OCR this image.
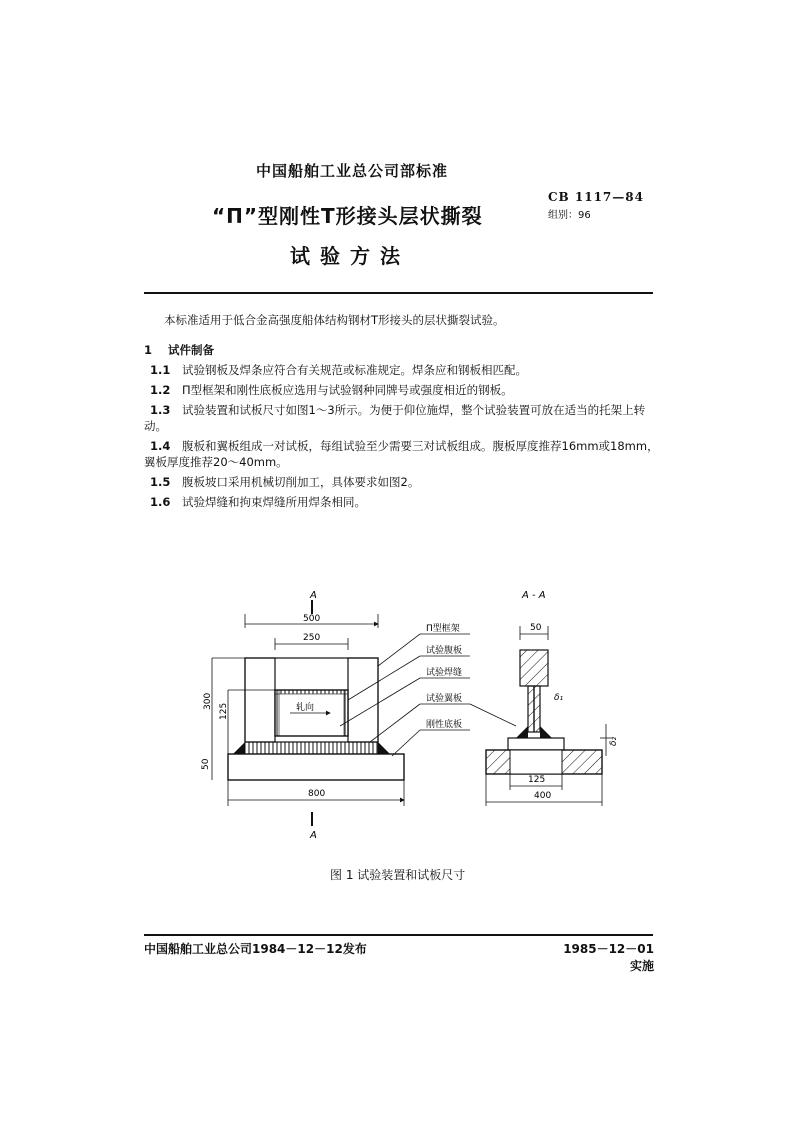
中国船舶工业总公司部标准
“Π”型刚性T形接头层状撕裂
试验方法
CB 1117—84
组别：96
本标准适用于低合金高强度船体结构钢材T形接头的层状撕裂试验。
1 试件制备
1.1 试验钢板及焊条应符合有关规范或标准规定。焊条应和钢板相匹配。
1.2 Π型框架和刚性底板应选用与试验钢种同牌号或强度相近的钢板。
1.3 试验装置和试板尺寸如图1～3所示。为便于仰位施焊，整个试验装置可放在适当的托架上转
动。
1.4 腹板和翼板组成一对试板，每组试验至少需要三对试板组成。腹板厚度推荐16mm或18mm，
翼板厚度推荐20～40mm。
1.5 腹板坡口采用机械切削加工，具体要求如图2。
1.6 试验焊缝和拘束焊缝所用焊条相同。
A
500
250
轧向
300
125
50
800
A
Π型框架
试验腹板
试验焊缝
试验翼板
刚性底板
A - A
50
δ₁
δ₂
125
400
图 1 试验装置和试板尺寸
中国船舶工业总公司1984－12－12发布	1985－12－01实施
